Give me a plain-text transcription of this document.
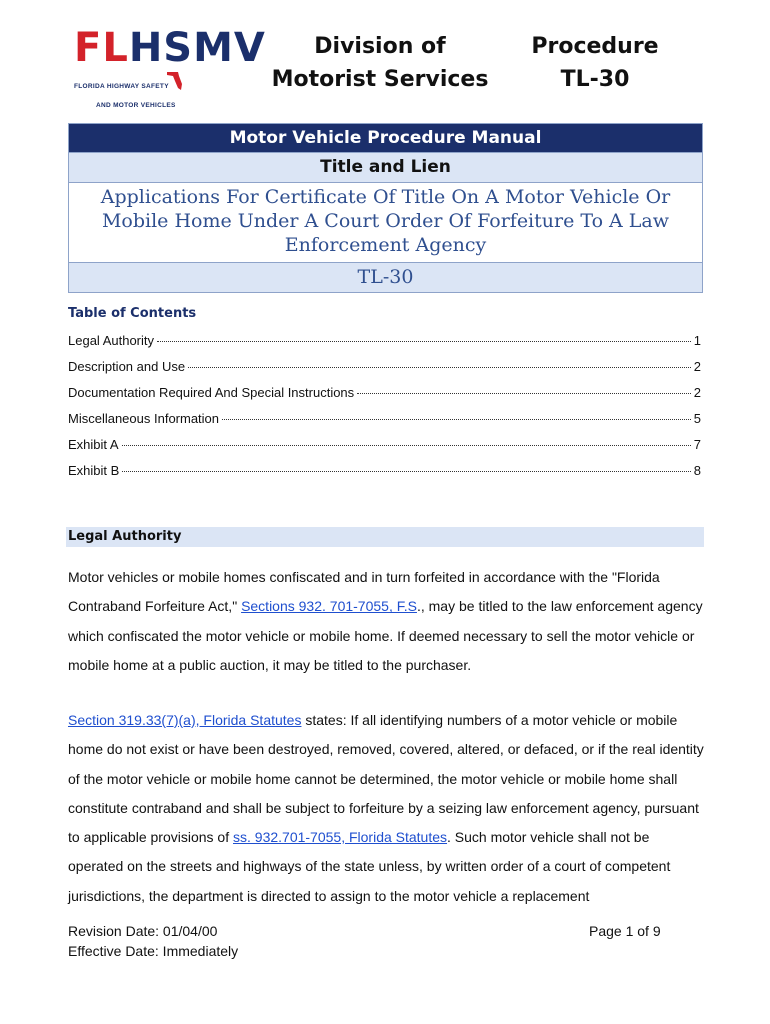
FLHSMV
FLORIDA HIGHWAY SAFETY AND MOTOR VEHICLES
Division of
Motorist Services
Procedure
TL-30
Motor Vehicle Procedure Manual
Title and Lien
Applications For Certificate Of Title On A Motor Vehicle Or Mobile Home Under A Court Order Of Forfeiture To A Law Enforcement Agency
TL-30
Table of Contents
Legal Authority	1
Description and Use	2
Documentation Required And Special Instructions	2
Miscellaneous Information	5
Exhibit A	7
Exhibit B	8
Legal Authority
Motor vehicles or mobile homes confiscated and in turn forfeited in accordance with the "Florida Contraband Forfeiture Act," Sections 932. 701-7055, F.S., may be titled to the law enforcement agency which confiscated the motor vehicle or mobile home. If deemed necessary to sell the motor vehicle or mobile home at a public auction, it may be titled to the purchaser.
Section 319.33(7)(a), Florida Statutes states: If all identifying numbers of a motor vehicle or mobile home do not exist or have been destroyed, removed, covered, altered, or defaced, or if the real identity of the motor vehicle or mobile home cannot be determined, the motor vehicle or mobile home shall constitute contraband and shall be subject to forfeiture by a seizing law enforcement agency, pursuant to applicable provisions of ss. 932.701-7055, Florida Statutes. Such motor vehicle shall not be operated on the streets and highways of the state unless, by written order of a court of competent jurisdictions, the department is directed to assign to the motor vehicle a replacement
Revision Date: 01/04/00
Effective Date: Immediately
Page 1 of 9
